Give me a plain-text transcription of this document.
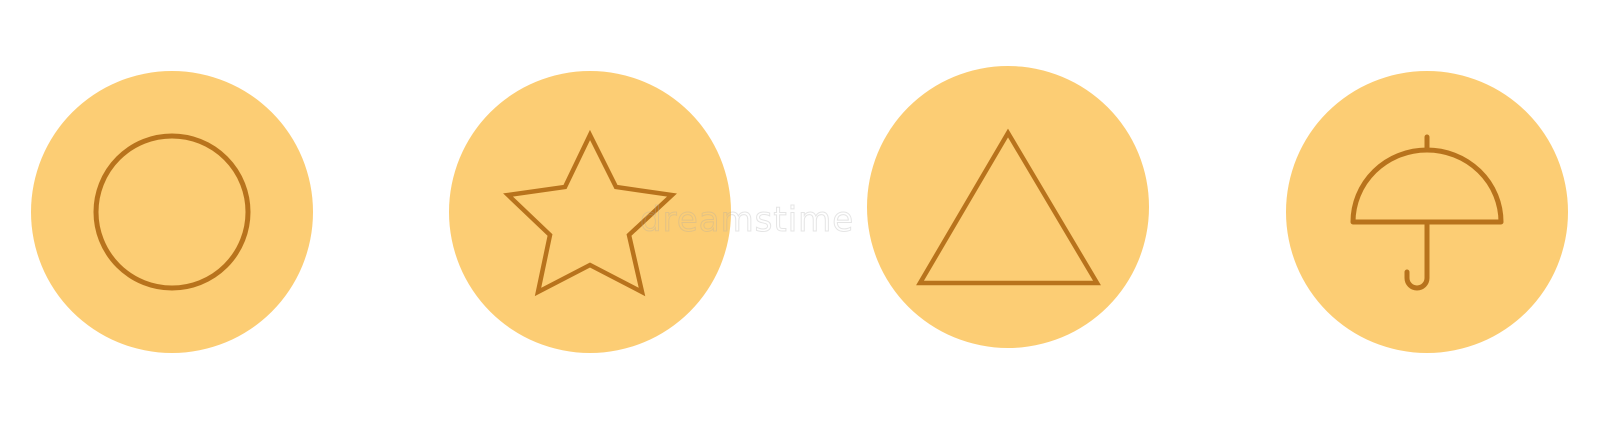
dreamstime
